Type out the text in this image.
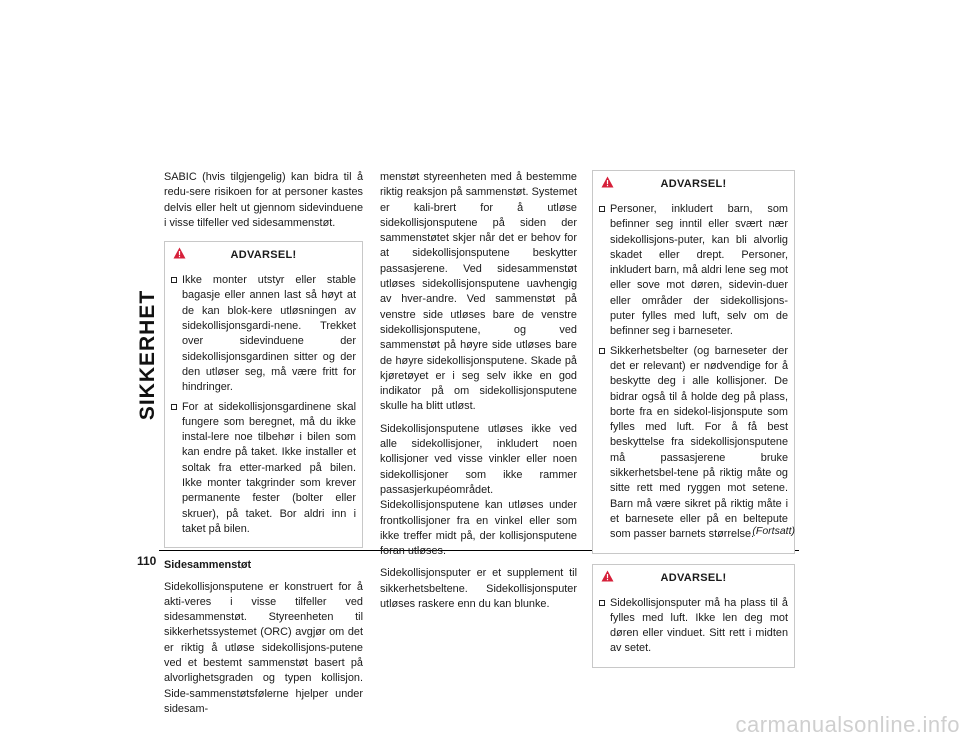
SIKKERHET
110

SABIC (hvis tilgjengelig) kan bidra til å redu-sere risikoen for at personer kastes delvis eller helt ut gjennom sidevinduene i visse tilfeller ved sidesammenstøt.

ADVARSEL!
Ikke monter utstyr eller stable bagasje eller annen last så høyt at de kan blok-kere utløsningen av sidekollisjonsgardi-nene. Trekket over sidevinduene der sidekollisjonsgardinen sitter og der den utløser seg, må være fritt for hindringer.
For at sidekollisjonsgardinene skal fungere som beregnet, må du ikke instal-lere noe tilbehør i bilen som kan endre på taket. Ikke installer et soltak fra etter-marked på bilen. Ikke monter takgrinder som krever permanente fester (bolter eller skruer), på taket. Bor aldri inn i taket på bilen.
Sidesammenstøt

Sidekollisjonsputene er konstruert for å akti-veres i visse tilfeller ved sidesammenstøt. Styreenheten til sikkerhetssystemet (ORC) avgjør om det er riktig å utløse sidekollisjons-putene ved et bestemt sammenstøt basert på alvorlighetsgraden og typen kollisjon. Side-sammenstøtsfølerne hjelper under sidesam-

menstøt styreenheten med å bestemme riktig reaksjon på sammenstøt. Systemet er kali-brert for å utløse sidekollisjonsputene på siden der sammenstøtet skjer når det er behov for at sidekollisjonsputene beskytter passasjerene. Ved sidesammenstøt utløses sidekollisjonsputene uavhengig av hver-andre. Ved sammenstøt på venstre side utløses bare de venstre sidekollisjonsputene, og ved sammenstøt på høyre side utløses bare de høyre sidekollisjonsputene. Skade på kjøretøyet er i seg selv ikke en god indikator på om sidekollisjonsputene skulle ha blitt utløst.

Sidekollisjonsputene utløses ikke ved alle sidekollisjoner, inkludert noen kollisjoner ved visse vinkler eller noen sidekollisjoner som ikke rammer passasjerkupéområdet. Sidekollisjonsputene kan utløses under frontkollisjoner fra en vinkel eller som ikke treffer midt på, der kollisjonsputene foran utløses.

Sidekollisjonsputer er et supplement til sikkerhetsbeltene. Sidekollisjonsputer utløses raskere enn du kan blunke.

ADVARSEL!
Personer, inkludert barn, som befinner seg inntil eller svært nær sidekollisjons-puter, kan bli alvorlig skadet eller drept. Personer, inkludert barn, må aldri lene seg mot eller sove mot døren, sidevin-duer eller områder der sidekollisjons-puter fylles med luft, selv om de befinner seg i barneseter.
Sikkerhetsbelter (og barneseter der det er relevant) er nødvendige for å beskytte deg i alle kollisjoner. De bidrar også til å holde deg på plass, borte fra en sidekol-lisjonspute som fylles med luft. For å få best beskyttelse fra sidekollisjonsputene må passasjerene bruke sikkerhetsbel-tene på riktig måte og sitte rett med ryggen mot setene. Barn må være sikret på riktig måte i et barnesete eller på en beltepute som passer barnets størrelse.
ADVARSEL!
Sidekollisjonsputer må ha plass til å fylles med luft. Ikke len deg mot døren eller vinduet. Sitt rett i midten av setet.
(Fortsatt)
carmanualsonline.info
